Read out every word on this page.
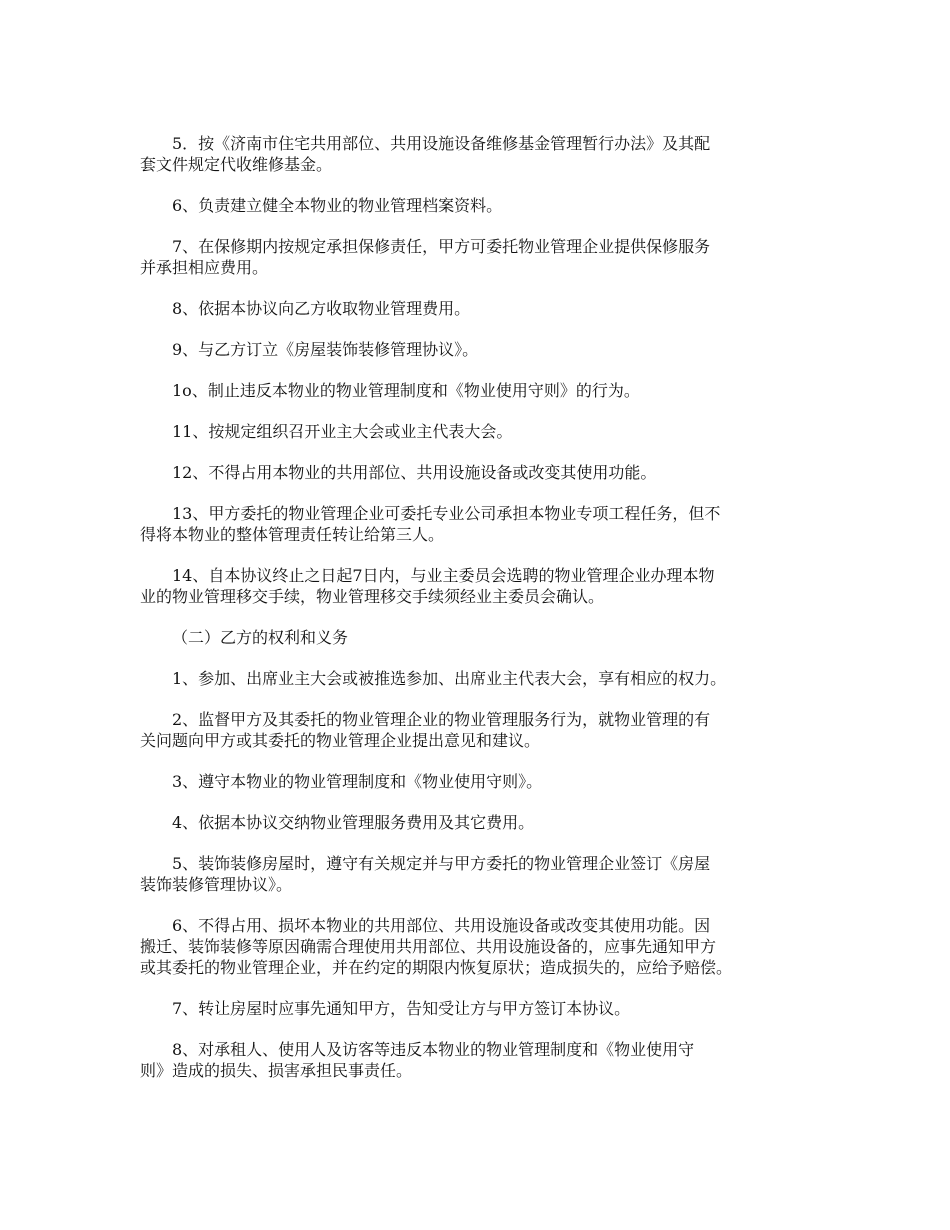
5．按《济南市住宅共用部位、共用设施设备维修基金管理暂行办法》及其配
套文件规定代收维修基金。

6、负责建立健全本物业的物业管理档案资料。

7、在保修期内按规定承担保修责任，甲方可委托物业管理企业提供保修服务
并承担相应费用。

8、依据本协议向乙方收取物业管理费用。

9、与乙方订立《房屋装饰装修管理协议》。

1o、制止违反本物业的物业管理制度和《物业使用守则》的行为。

11、按规定组织召开业主大会或业主代表大会。

12、不得占用本物业的共用部位、共用设施设备或改变其使用功能。

13、甲方委托的物业管理企业可委托专业公司承担本物业专项工程任务，但不
得将本物业的整体管理责任转让给第三人。

14、自本协议终止之日起7日内，与业主委员会选聘的物业管理企业办理本物
业的物业管理移交手续，物业管理移交手续须经业主委员会确认。

（二）乙方的权利和义务

1、参加、出席业主大会或被推选参加、出席业主代表大会，享有相应的权力。

2、监督甲方及其委托的物业管理企业的物业管理服务行为，就物业管理的有
关问题向甲方或其委托的物业管理企业提出意见和建议。

3、遵守本物业的物业管理制度和《物业使用守则》。

4、依据本协议交纳物业管理服务费用及其它费用。

5、装饰装修房屋时，遵守有关规定并与甲方委托的物业管理企业签订《房屋
装饰装修管理协议》。

6、不得占用、损坏本物业的共用部位、共用设施设备或改变其使用功能。因
搬迁、装饰装修等原因确需合理使用共用部位、共用设施设备的，应事先通知甲方
或其委托的物业管理企业，并在约定的期限内恢复原状；造成损失的，应给予赔偿。

7、转让房屋时应事先通知甲方，告知受让方与甲方签订本协议。

8、对承租人、使用人及访客等违反本物业的物业管理制度和《物业使用守
则》造成的损失、损害承担民事责任。
